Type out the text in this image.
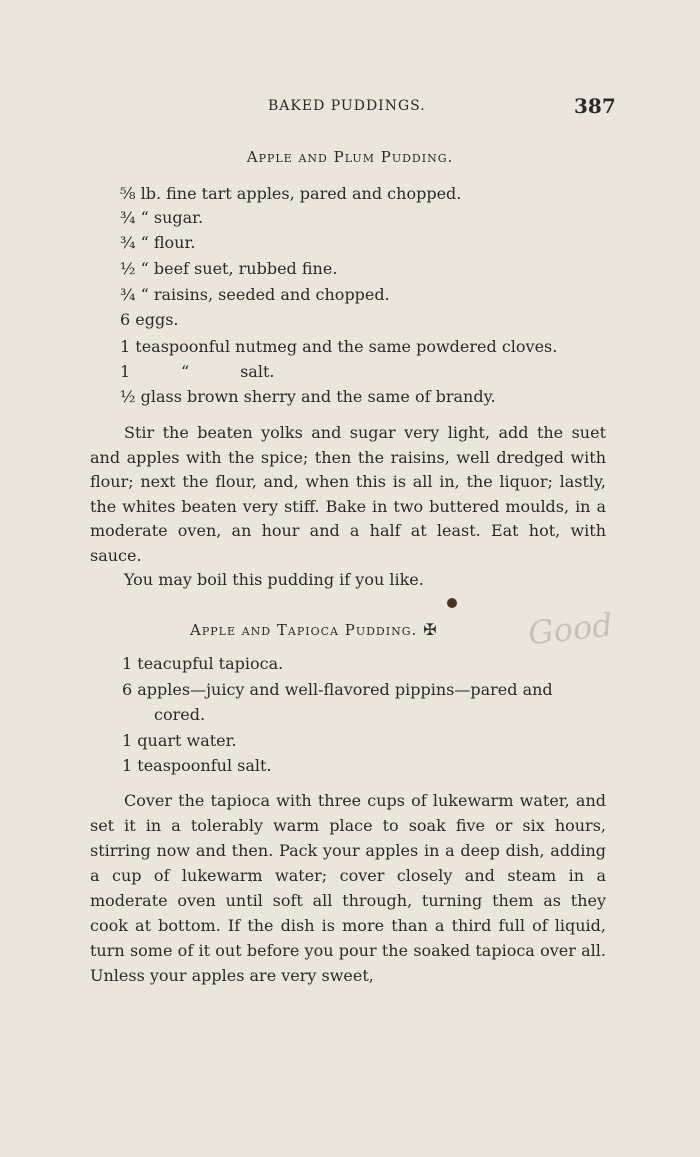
BAKED PUDDINGS.	387
Apple and Plum Pudding.
⅝ lb. fine tart apples, pared and chopped.
¾ “ sugar.
¾ “ flour.
½ “ beef suet, rubbed fine.
¾ “ raisins, seeded and chopped.
6 eggs.
1 teaspoonful nutmeg and the same powdered cloves.
1          “          salt.
½ glass brown sherry and the same of brandy.

Stir the beaten yolks and sugar very light, add the suet and apples with the spice; then the raisins, well dredged with flour; next the flour, and, when this is all in, the liquor; lastly, the whites beaten very stiff. Bake in two buttered moulds, in a moderate oven, an hour and a half at least. Eat hot, with sauce.

You may boil this pudding if you like.
Apple and Tapioca Pudding. ✠	Good
1 teacupful tapioca.
6 apples—juicy and well-flavored pippins—pared and
cored.
1 quart water.
1 teaspoonful salt.

Cover the tapioca with three cups of lukewarm water, and set it in a tolerably warm place to soak five or six hours, stirring now and then. Pack your apples in a deep dish, adding a cup of lukewarm water; cover closely and steam in a moderate oven until soft all through, turning them as they cook at bottom. If the dish is more than a third full of liquid, turn some of it out before you pour the soaked tapioca over all. Unless your apples are very sweet,
